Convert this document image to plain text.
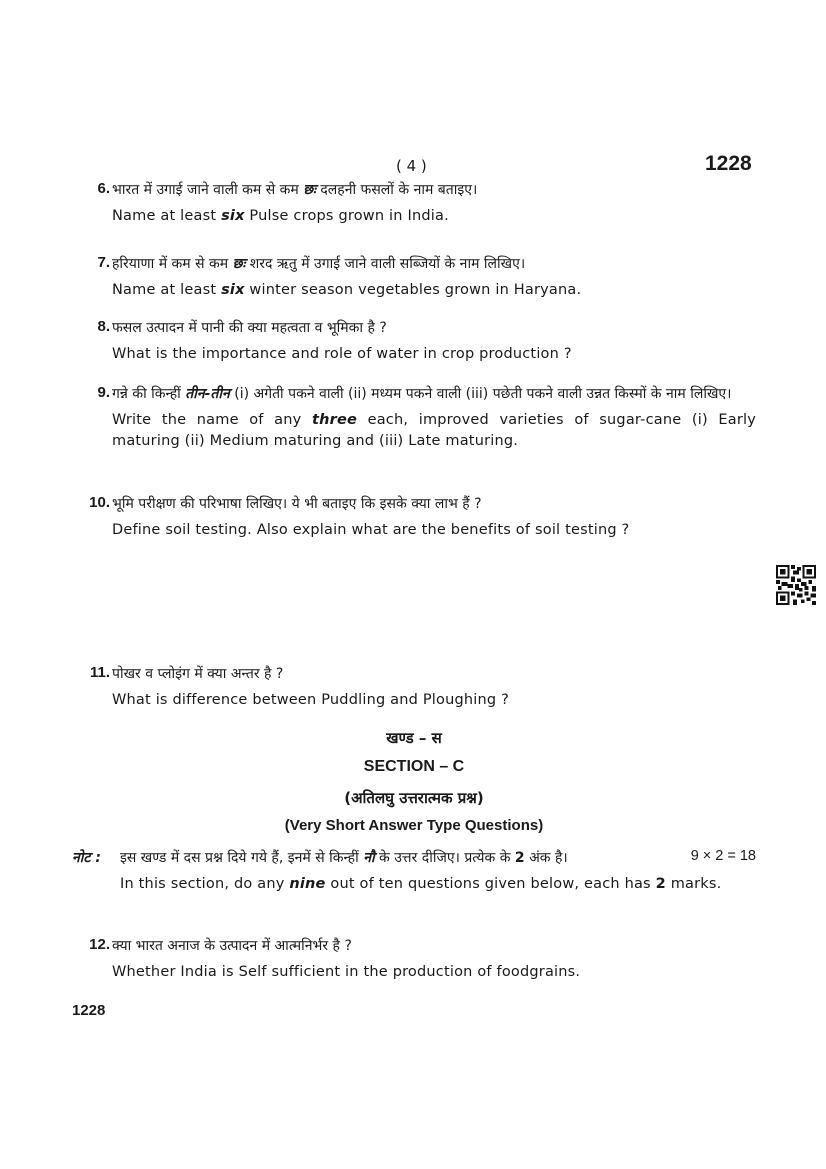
( 4 )	1228
6. भारत में उगाई जाने वाली कम से कम छः दलहनी फसलों के नाम बताइए।
Name at least six Pulse crops grown in India.
7. हरियाणा में कम से कम छः शरद ऋतु में उगाई जाने वाली सब्जियों के नाम लिखिए।
Name at least six winter season vegetables grown in Haryana.
8. फसल उत्पादन में पानी की क्या महत्वता व भूमिका है ?
What is the importance and role of water in crop production ?
9. गन्ने की किन्हीं तीन-तीन (i) अगेती पकने वाली (ii) मध्यम पकने वाली (iii) पछेती पकने वाली उन्नत किस्मों के नाम लिखिए।
Write the name of any three each, improved varieties of sugar-cane (i) Early maturing (ii) Medium maturing and (iii) Late maturing.
10. भूमि परीक्षण की परिभाषा लिखिए। ये भी बताइए कि इसके क्या लाभ हैं ?
Define soil testing. Also explain what are the benefits of soil testing ?
11. पोखर व प्लोइंग में क्या अन्तर है ?
What is difference between Puddling and Ploughing ?
खण्ड – स
SECTION – C
(अतिलघु उत्तरात्मक प्रश्न)
(Very Short Answer Type Questions)
नोट :	9 × 2 = 18
इस खण्ड में दस प्रश्न दिये गये हैं, इनमें से किन्हीं नौ के उत्तर दीजिए। प्रत्येक के 2 अंक है।
In this section, do any nine out of ten questions given below, each has 2 marks.
12. क्या भारत अनाज के उत्पादन में आत्मनिर्भर है ?
Whether India is Self sufficient in the production of foodgrains.
1228
